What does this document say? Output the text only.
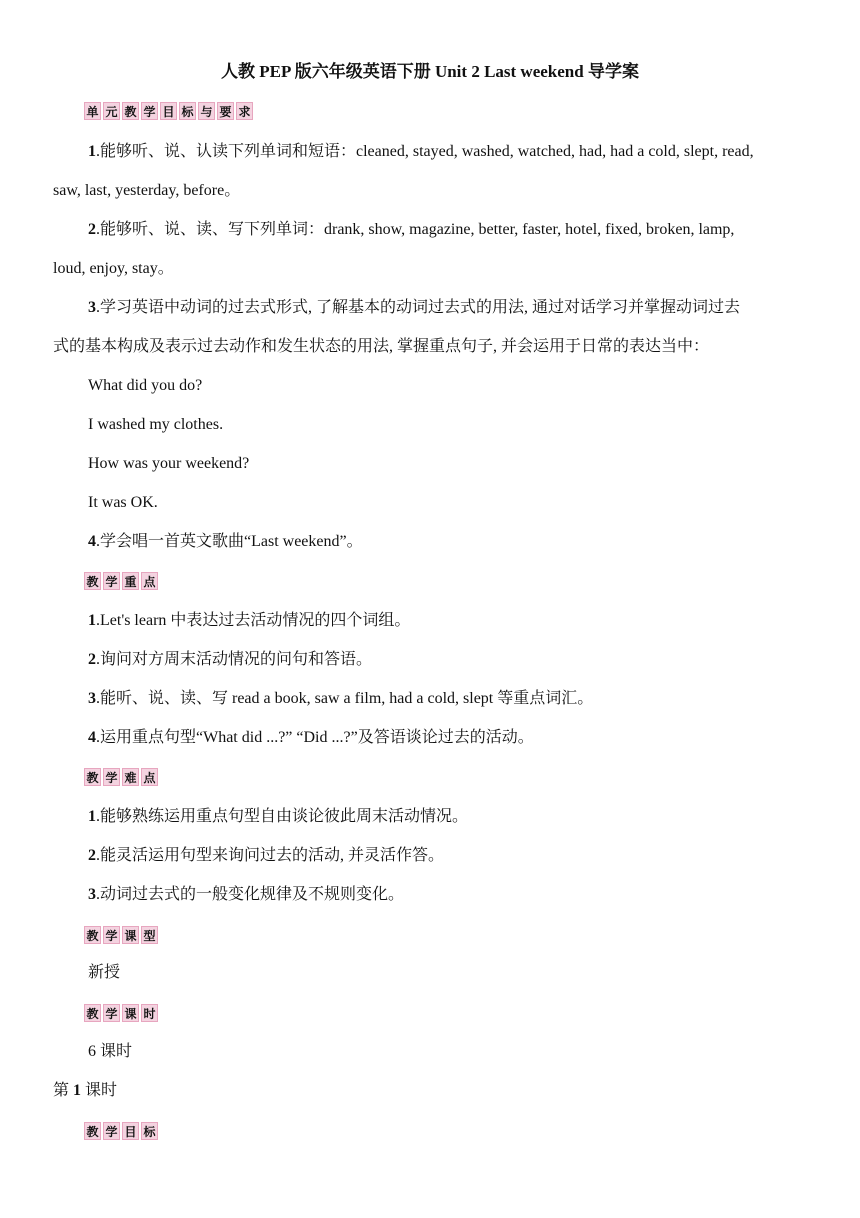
人教 PEP 版六年级英语下册 Unit 2 Last weekend 导学案
单 元 教 学 目 标 与 要 求
1.能够听、说、认读下列单词和短语：cleaned, stayed, washed, watched, had, had a cold, slept, read,
saw, last, yesterday, before。
2.能够听、说、读、写下列单词：drank, show, magazine, better, faster, hotel, fixed, broken, lamp,
loud, enjoy, stay。
3.学习英语中动词的过去式形式, 了解基本的动词过去式的用法, 通过对话学习并掌握动词过去
式的基本构成及表示过去动作和发生状态的用法, 掌握重点句子, 并会运用于日常的表达当中：
What did you do?
I washed my clothes.
How was your weekend?
It was OK.
4.学会唱一首英文歌曲“Last weekend”。
教 学 重 点
1.Let's learn 中表达过去活动情况的四个词组。
2.询问对方周末活动情况的问句和答语。
3.能听、说、读、写 read a book, saw a film, had a cold, slept 等重点词汇。
4.运用重点句型“What did ...?” “Did ...?”及答语谈论过去的活动。
教 学 难 点
1.能够熟练运用重点句型自由谈论彼此周末活动情况。
2.能灵活运用句型来询问过去的活动, 并灵活作答。
3.动词过去式的一般变化规律及不规则变化。
教 学 课 型
新授
教 学 课 时
6 课时
第 1 课时
教 学 目 标
